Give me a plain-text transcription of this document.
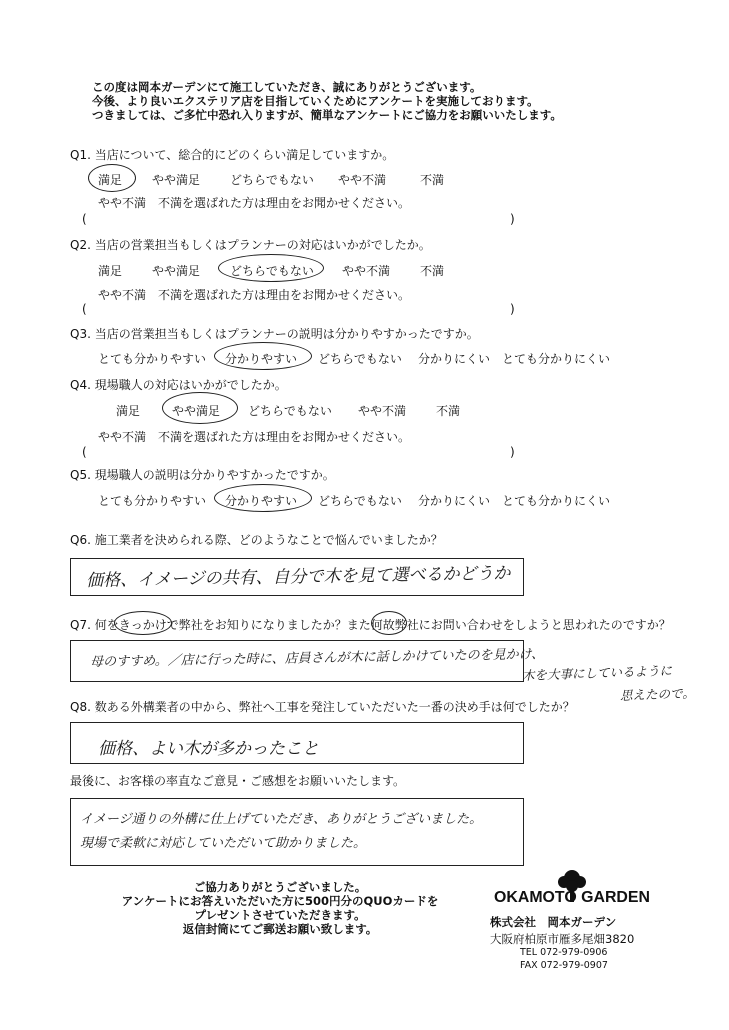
この度は岡本ガーデンにて施工していただき、誠にありがとうございます。
今後、より良いエクステリア店を目指していくためにアンケートを実施しております。
つきましては、ご多忙中恐れ入りますが、簡単なアンケートにご協力をお願いいたします。
Q1. 当店について、総合的にどのくらい満足していますか。
満足 やや満足 どちらでもない やや不満	不満
やや不満　不満を選ばれた方は理由をお聞かせください。
(	)
Q2. 当店の営業担当もしくはプランナーの対応はいかがでしたか。
満足 やや満足 どちらでもない やや不満 不満
やや不満　不満を選ばれた方は理由をお聞かせください。
(	)
Q3. 当店の営業担当もしくはプランナーの説明は分かりやすかったですか。
とても分かりやすい 分かりやすい どちらでもない 分かりにくい とても分かりにくい
Q4. 現場職人の対応はいかがでしたか。
満足	やや満足 どちらでもない やや不満 不満
やや不満　不満を選ばれた方は理由をお聞かせください。
(	)
Q5. 現場職人の説明は分かりやすかったですか。
とても分かりやすい 分かりやすい どちらでもない 分かりにくい とても分かりにくい
Q6. 施工業者を決められる際、どのようなことで悩んでいましたか？
価格、イメージの共有、自分で木を見て選べるかどうか
Q7. 何をきっかけで弊社をお知りになりましたか？また何故弊社にお問い合わせをしようと思われたのですか？
母のすすめ。／店に行った時に、店員さんが木に話しかけていたのを見かけ、
木を大事にしているように
思えたので。
Q8. 数ある外構業者の中から、弊社へ工事を発注していただいた一番の決め手は何でしたか？
価格、よい木が多かったこと
最後に、お客様の率直なご意見・ご感想をお願いいたします。
イメージ通りの外構に仕上げていただき、ありがとうございました。
現場で柔軟に対応していただいて助かりました。
ご協力ありがとうございました。
アンケートにお答えいただいた方に500円分のQUOカードを
プレゼントさせていただきます。
返信封筒にてご郵送お願い致します。
OKAMOTO GARDEN
株式会社　岡本ガーデン
大阪府柏原市雁多尾畑3820
TEL 072-979-0906
FAX 072-979-0907
